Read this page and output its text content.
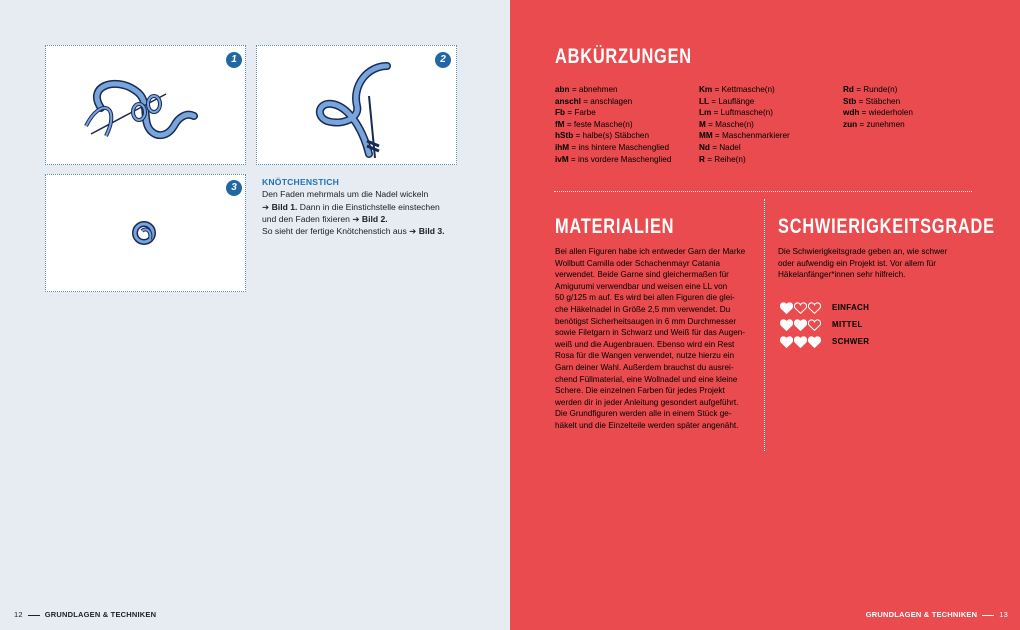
1	2
3	KNÖTCHENSTICH
Den Faden mehrmals um die Nadel wickeln
➔ Bild 1. Dann in die Einstichstelle einstechen
und den Faden fixieren ➔ Bild 2.
So sieht der fertige Knötchenstich aus ➔ Bild 3.
12	GRUNDLAGEN & TECHNIKEN	GRUNDLAGEN & TECHNIKEN	13
ABKÜRZUNGEN
abn = abnehmen
anschl = anschlagen
Fb = Farbe
fM = feste Masche(n)
hStb = halbe(s) Stäbchen
ihM = ins hintere Maschenglied
ivM = ins vordere Maschenglied
Km = Kettmasche(n)
LL = Lauflänge
Lm = Luftmasche(n)
M = Masche(n)
MM = Maschenmarkierer
Nd = Nadel
R = Reihe(n)
Rd = Runde(n)
Stb = Stäbchen
wdh = wiederholen
zun = zunehmen
MATERIALIEN
Bei allen Figuren habe ich entweder Garn der Marke
Wollbutt Camilla oder Schachenmayr Catania
verwendet. Beide Garne sind gleichermaßen für
Amigurumi verwendbar und weisen eine LL von
50 g/125 m auf. Es wird bei allen Figuren die glei-
che Häkelnadel in Größe 2,5 mm verwendet. Du
benötigst Sicherheitsaugen in 6 mm Durchmesser
sowie Filetgarn in Schwarz und Weiß für das Augen-
weiß und die Augenbrauen. Ebenso wird ein Rest
Rosa für die Wangen verwendet, nutze hierzu ein
Garn deiner Wahl. Außerdem brauchst du ausrei-
chend Füllmaterial, eine Wollnadel und eine kleine
Schere. Die einzelnen Farben für jedes Projekt
werden dir in jeder Anleitung gesondert aufgeführt.
Die Grundfiguren werden alle in einem Stück ge-
häkelt und die Einzelteile werden später angenäht.
SCHWIERIGKEITSGRADE
Die Schwierigkeitsgrade geben an, wie schwer
oder aufwendig ein Projekt ist. Vor allem für
Häkelanfänger*innen sehr hilfreich.
EINFACH
MITTEL
SCHWER
